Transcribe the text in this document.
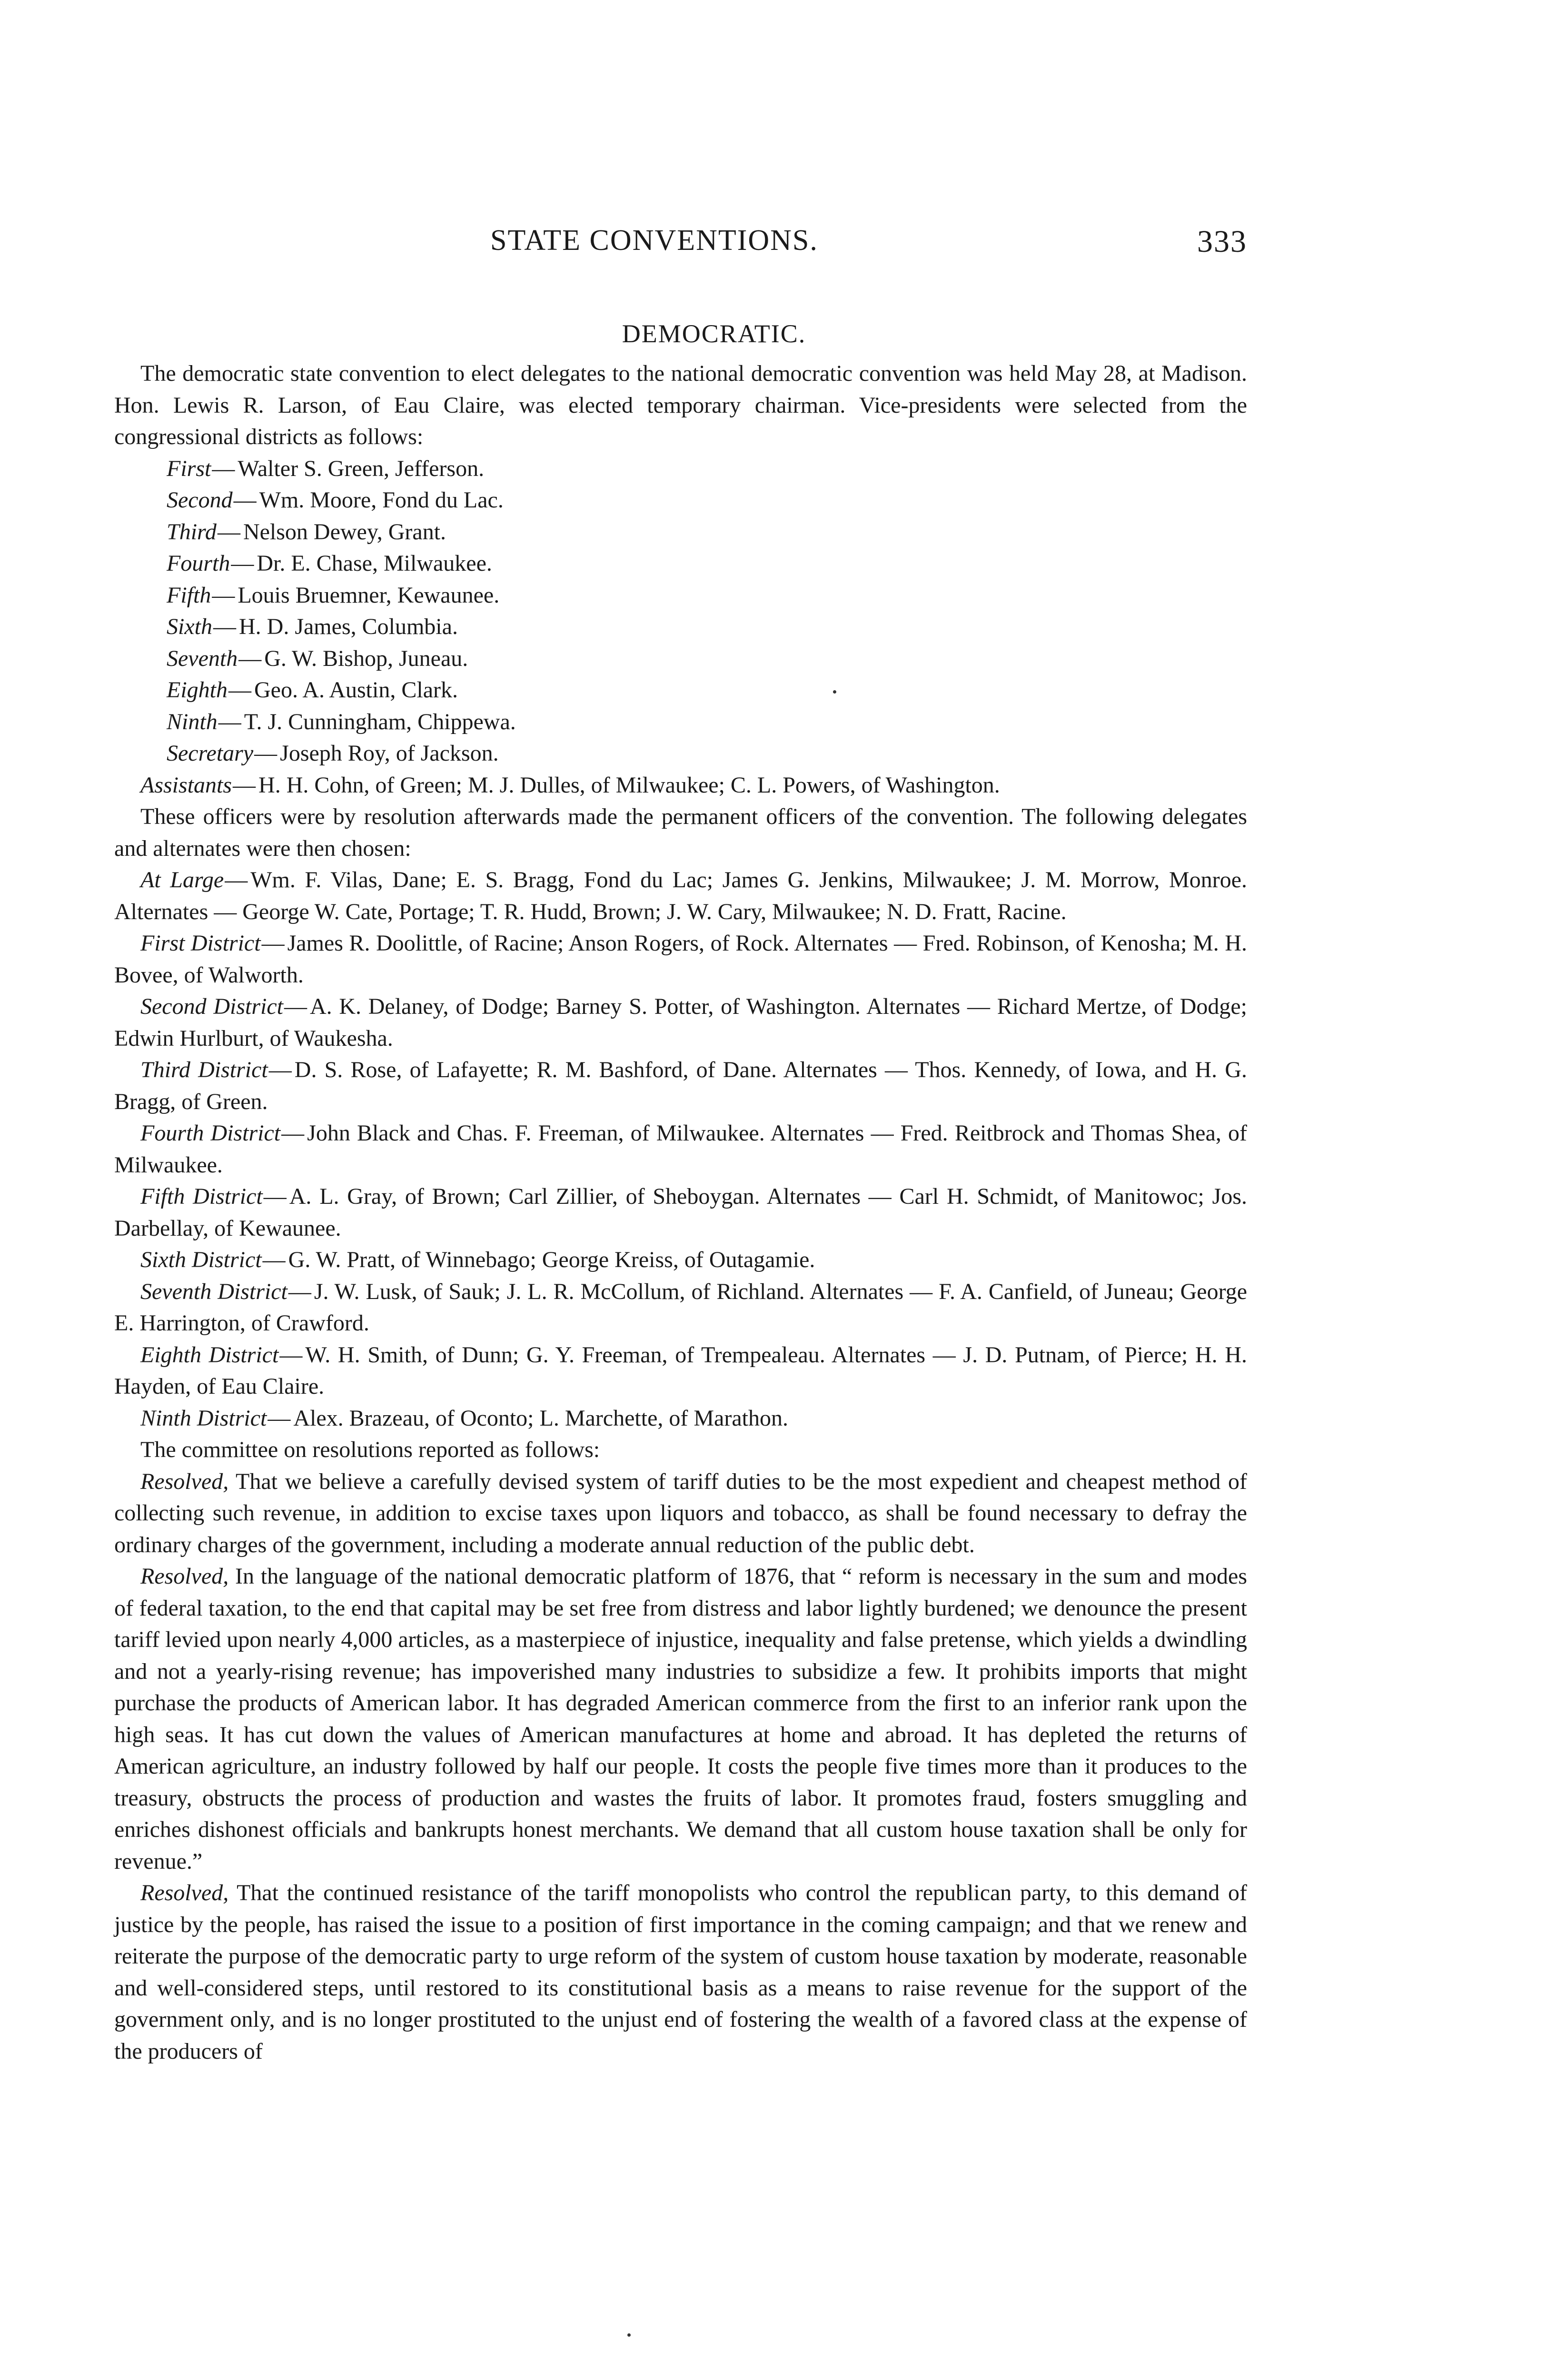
STATE CONVENTIONS.	333
DEMOCRATIC.

The democratic state convention to elect delegates to the national democratic convention was held May 28, at Madison. Hon. Lewis R. Larson, of Eau Claire, was elected temporary chairman. Vice-presidents were selected from the congressional districts as follows:

First— Walter S. Green, Jefferson.

Second— Wm. Moore, Fond du Lac.

Third— Nelson Dewey, Grant.

Fourth— Dr. E. Chase, Milwaukee.

Fifth— Louis Bruemner, Kewaunee.

Sixth— H. D. James, Columbia.

Seventh— G. W. Bishop, Juneau.

Eighth— Geo. A. Austin, Clark.

Ninth— T. J. Cunningham, Chippewa.

Secretary— Joseph Roy, of Jackson.

Assistants— H. H. Cohn, of Green; M. J. Dulles, of Milwaukee; C. L. Powers, of Washington.

These officers were by resolution afterwards made the permanent officers of the convention. The following delegates and alternates were then chosen:

At Large— Wm. F. Vilas, Dane; E. S. Bragg, Fond du Lac; James G. Jenkins, Milwaukee; J. M. Morrow, Monroe. Alternates — George W. Cate, Portage; T. R. Hudd, Brown; J. W. Cary, Milwaukee; N. D. Fratt, Racine.

First District— James R. Doolittle, of Racine; Anson Rogers, of Rock. Alternates — Fred. Robinson, of Kenosha; M. H. Bovee, of Walworth.

Second District— A. K. Delaney, of Dodge; Barney S. Potter, of Washington. Alternates — Richard Mertze, of Dodge; Edwin Hurlburt, of Waukesha.

Third District— D. S. Rose, of Lafayette; R. M. Bashford, of Dane. Alternates — Thos. Kennedy, of Iowa, and H. G. Bragg, of Green.

Fourth District— John Black and Chas. F. Freeman, of Milwaukee. Alternates — Fred. Reitbrock and Thomas Shea, of Milwaukee.

Fifth District— A. L. Gray, of Brown; Carl Zillier, of Sheboygan. Alternates — Carl H. Schmidt, of Manitowoc; Jos. Darbellay, of Kewaunee.

Sixth District— G. W. Pratt, of Winnebago; George Kreiss, of Outagamie.

Seventh District— J. W. Lusk, of Sauk; J. L. R. McCollum, of Richland. Alternates — F. A. Canfield, of Juneau; George E. Harrington, of Crawford.

Eighth District— W. H. Smith, of Dunn; G. Y. Freeman, of Trempealeau. Alternates — J. D. Putnam, of Pierce; H. H. Hayden, of Eau Claire.

Ninth District— Alex. Brazeau, of Oconto; L. Marchette, of Marathon.

The committee on resolutions reported as follows:

Resolved, That we believe a carefully devised system of tariff duties to be the most expedient and cheapest method of collecting such revenue, in addition to excise taxes upon liquors and tobacco, as shall be found necessary to defray the ordinary charges of the government, including a moderate annual reduction of the public debt.

Resolved, In the language of the national democratic platform of 1876, that “ reform is necessary in the sum and modes of federal taxation, to the end that capital may be set free from distress and labor lightly burdened; we denounce the present tariff levied upon nearly 4,000 articles, as a masterpiece of injustice, inequality and false pretense, which yields a dwindling and not a yearly-rising revenue; has impoverished many industries to subsidize a few. It prohibits imports that might purchase the products of American labor. It has degraded American commerce from the first to an inferior rank upon the high seas. It has cut down the values of American manufactures at home and abroad. It has depleted the returns of American agriculture, an industry followed by half our people. It costs the people five times more than it produces to the treasury, obstructs the process of production and wastes the fruits of labor. It promotes fraud, fosters smuggling and enriches dishonest officials and bankrupts honest merchants. We demand that all custom house taxation shall be only for revenue.”

Resolved, That the continued resistance of the tariff monopolists who control the republican party, to this demand of justice by the people, has raised the issue to a position of first importance in the coming campaign; and that we renew and reiterate the purpose of the democratic party to urge reform of the system of custom house taxation by moderate, reasonable and well-considered steps, until restored to its constitutional basis as a means to raise revenue for the support of the government only, and is no longer prostituted to the unjust end of fostering the wealth of a favored class at the expense of the producers of
